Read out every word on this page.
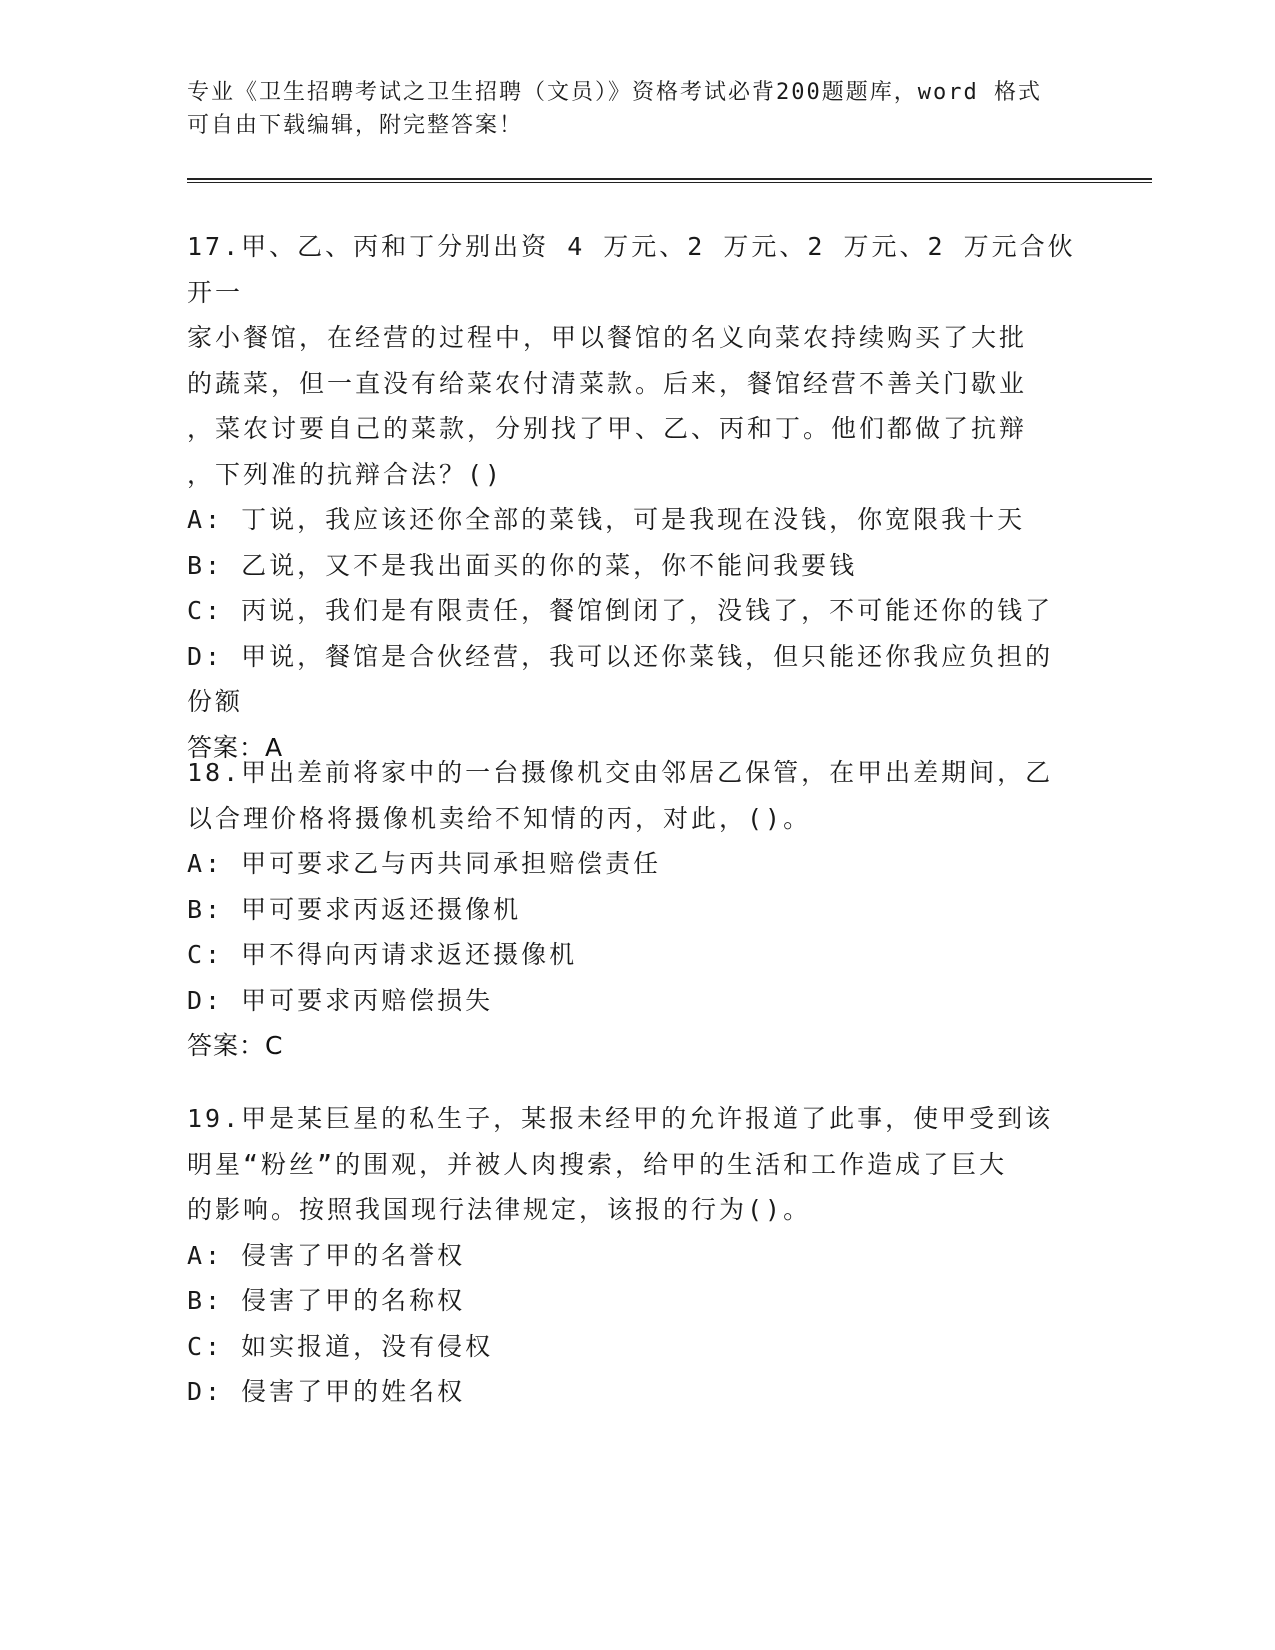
专业《卫生招聘考试之卫生招聘（文员）》资格考试必背200题题库，word 格式
可自由下载编辑，附完整答案！
17.甲、乙、丙和丁分别出资 4 万元、2 万元、2 万元、2 万元合伙开一
家小餐馆，在经营的过程中，甲以餐馆的名义向菜农持续购买了大批
的蔬菜，但一直没有给菜农付清菜款。后来，餐馆经营不善关门歇业
，菜农讨要自己的菜款，分别找了甲、乙、丙和丁。他们都做了抗辩
，下列准的抗辩合法？()
A: 丁说，我应该还你全部的菜钱，可是我现在没钱，你宽限我十天
B: 乙说，又不是我出面买的你的菜，你不能问我要钱
C: 丙说，我们是有限责任，餐馆倒闭了，没钱了，不可能还你的钱了
D: 甲说，餐馆是合伙经营，我可以还你菜钱，但只能还你我应负担的
份额
答案：A
18.甲出差前将家中的一台摄像机交由邻居乙保管，在甲出差期间，乙
以合理价格将摄像机卖给不知情的丙，对此，()。
A: 甲可要求乙与丙共同承担赔偿责任
B: 甲可要求丙返还摄像机
C: 甲不得向丙请求返还摄像机
D: 甲可要求丙赔偿损失
答案：C
19.甲是某巨星的私生子，某报未经甲的允许报道了此事，使甲受到该
明星“粉丝”的围观，并被人肉搜索，给甲的生活和工作造成了巨大
的影响。按照我国现行法律规定，该报的行为()。
A: 侵害了甲的名誉权
B: 侵害了甲的名称权
C: 如实报道，没有侵权
D: 侵害了甲的姓名权
